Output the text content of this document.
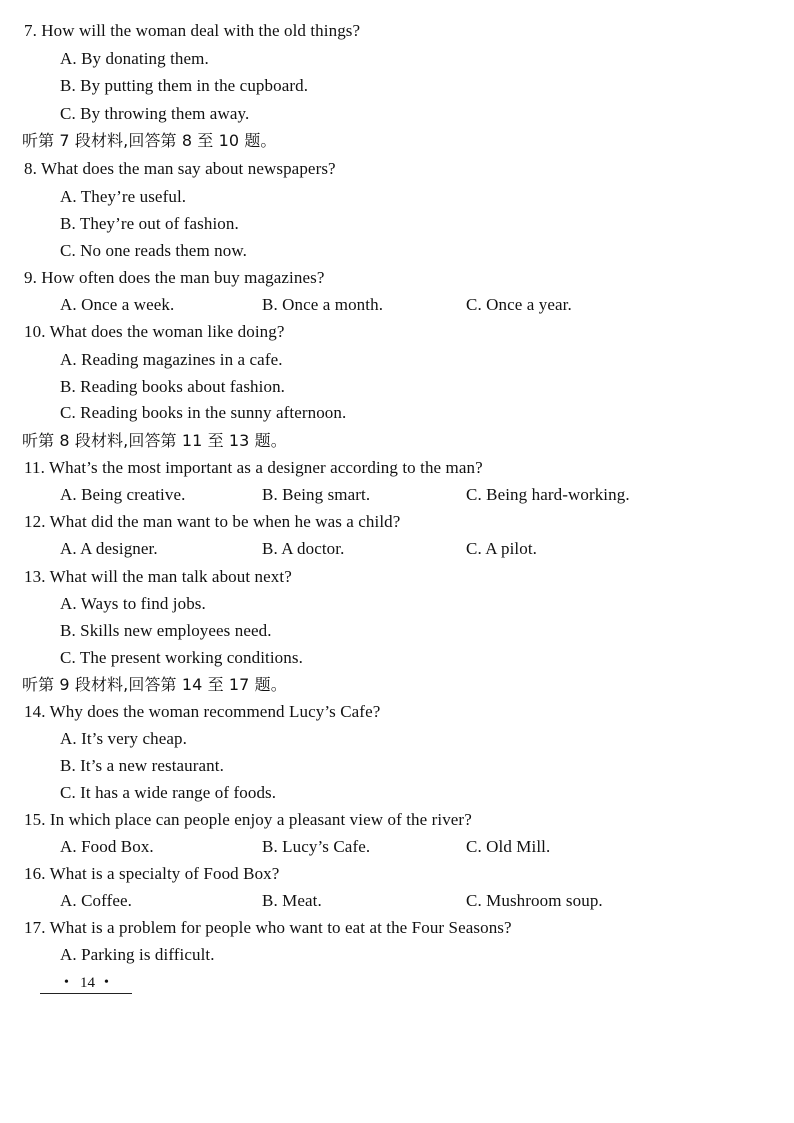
7. How will the woman deal with the old things?
A. By donating them.
B. By putting them in the cupboard.
C. By throwing them away.
听第 7 段材料,回答第 8 至 10 题。
8. What does the man say about newspapers?
A. They’re useful.
B. They’re out of fashion.
C. No one reads them now.
9. How often does the man buy magazines?
A. Once a week.	B. Once a month.	C. Once a year.
10. What does the woman like doing?
A. Reading magazines in a cafe.
B. Reading books about fashion.
C. Reading books in the sunny afternoon.
听第 8 段材料,回答第 11 至 13 题。
11. What’s the most important as a designer according to the man?
A. Being creative.	B. Being smart.	C. Being hard-working.
12. What did the man want to be when he was a child?
A. A designer.	B. A doctor.	C. A pilot.
13. What will the man talk about next?
A. Ways to find jobs.
B. Skills new employees need.
C. The present working conditions.
听第 9 段材料,回答第 14 至 17 题。
14. Why does the woman recommend Lucy’s Cafe?
A. It’s very cheap.
B. It’s a new restaurant.
C. It has a wide range of foods.
15. In which place can people enjoy a pleasant view of the river?
A. Food Box.	B. Lucy’s Cafe.	C. Old Mill.
16. What is a specialty of Food Box?
A. Coffee.	B. Meat.	C. Mushroom soup.
17. What is a problem for people who want to eat at the Four Seasons?
A. Parking is difficult.
• 14 •
